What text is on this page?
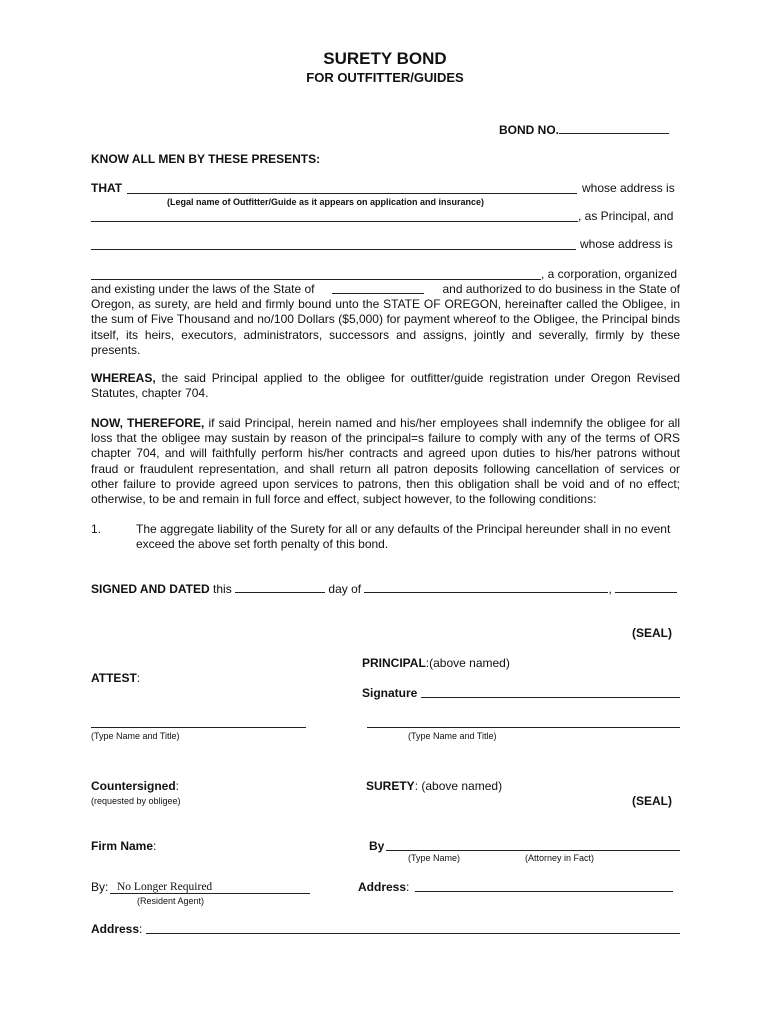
SURETY BOND
FOR OUTFITTER/GUIDES
BOND NO.
KNOW ALL MEN BY THESE PRESENTS:
THAT	whose address is
(Legal name of Outfitter/Guide as it appears on application and insurance)
, as Principal, and
whose address is
, a corporation, organized
and existing under the laws of the State of	and authorized to do business in the State of
Oregon, as surety, are held and firmly bound unto the STATE OF OREGON, hereinafter called the Obligee, in the sum of Five Thousand and no/100 Dollars ($5,000) for payment whereof to the Obligee, the Principal binds itself, its heirs, executors, administrators, successors and assigns, jointly and severally, firmly by these presents.
WHEREAS, the said Principal applied to the obligee for outfitter/guide registration under Oregon Revised Statutes, chapter 704.
NOW, THEREFORE, if said Principal, herein named and his/her employees shall indemnify the obligee for all loss that the obligee may sustain by reason of the principal=s failure to comply with any of the terms of ORS chapter 704, and will faithfully perform his/her contracts and agreed upon duties to his/her patrons without fraud or fraudulent representation, and shall return all patron deposits following cancellation of services or other failure to provide agreed upon services to patrons, then this obligation shall be void and of no effect; otherwise, to be and remain in full force and effect, subject however, to the following conditions:
1.	The aggregate liability of the Surety for all or any defaults of the Principal hereunder shall in no event exceed the above set forth penalty of this bond.
SIGNED AND DATED this	day of	,
(SEAL)
PRINCIPAL:(above named)
ATTEST:
Signature
(Type Name and Title)	(Type Name and Title)
Countersigned:	SURETY: (above named)
(requested by obligee)	(SEAL)
Firm Name:	By
(Type Name)	(Attorney in Fact)
By: No Longer Required
(Resident Agent)
Address:
Address:
